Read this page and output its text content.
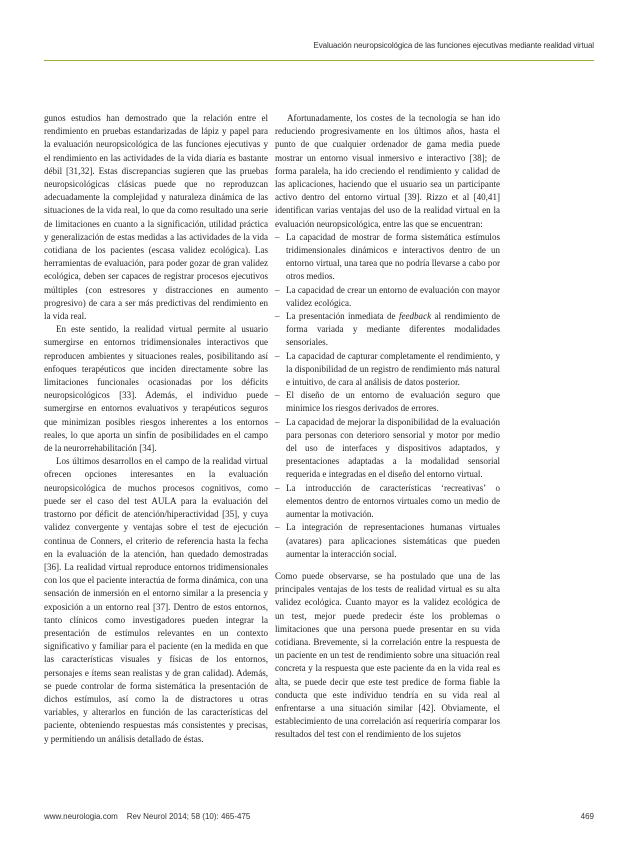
Evaluación neuropsicológica de las funciones ejecutivas mediante realidad virtual

gunos estudios han demostrado que la relación entre el rendimiento en pruebas estandarizadas de lápiz y papel para la evaluación neuropsicológica de las funciones ejecutivas y el rendimiento en las actividades de la vida diaria es bastante débil [31,32]. Estas discrepancias sugieren que las pruebas neuropsicológicas clásicas puede que no reproduzcan adecuadamente la complejidad y naturaleza dinámica de las situaciones de la vida real, lo que da como resultado una serie de limitaciones en cuanto a la significación, utilidad práctica y generalización de estas medidas a las actividades de la vida cotidiana de los pacientes (escasa validez ecológica). Las herramientas de evaluación, para poder gozar de gran validez ecológica, deben ser capaces de registrar procesos ejecutivos múltiples (con estresores y distracciones en aumento progresivo) de cara a ser más predictivas del rendimiento en la vida real.

En este sentido, la realidad virtual permite al usuario sumergirse en entornos tridimensionales interactivos que reproducen ambientes y situaciones reales, posibilitando así enfoques terapéuticos que inciden directamente sobre las limitaciones funcionales ocasionadas por los déficits neuropsicológicos [33]. Además, el individuo puede sumergirse en entornos evaluativos y terapéuticos seguros que minimizan posibles riesgos inherentes a los entornos reales, lo que aporta un sinfín de posibilidades en el campo de la neurorrehabilitación [34].

Los últimos desarrollos en el campo de la realidad virtual ofrecen opciones interesantes en la evaluación neuropsicológica de muchos procesos cognitivos, como puede ser el caso del test AULA para la evaluación del trastorno por déficit de atención/hiperactividad [35], y cuya validez convergente y ventajas sobre el test de ejecución continua de Conners, el criterio de referencia hasta la fecha en la evaluación de la atención, han quedado demostradas [36]. La realidad virtual reproduce entornos tridimensionales con los que el paciente interactúa de forma dinámica, con una sensación de inmersión en el entorno similar a la presencia y exposición a un entorno real [37]. Dentro de estos entornos, tanto clínicos como investigadores pueden integrar la presentación de estímulos relevantes en un contexto significativo y familiar para el paciente (en la medida en que las características visuales y físicas de los entornos, personajes e ítems sean realistas y de gran calidad). Además, se puede controlar de forma sistemática la presentación de dichos estímulos, así como la de distractores u otras variables, y alterarlos en función de las características del paciente, obteniendo respuestas más consistentes y precisas, y permitiendo un análisis detallado de éstas.

Afortunadamente, los costes de la tecnología se han ido reduciendo progresivamente en los últimos años, hasta el punto de que cualquier ordenador de gama media puede mostrar un entorno visual inmersivo e interactivo [38]; de forma paralela, ha ido creciendo el rendimiento y calidad de las aplicaciones, haciendo que el usuario sea un participante activo dentro del entorno virtual [39]. Rizzo et al [40,41] identifican varias ventajas del uso de la realidad virtual en la evaluación neuropsicológica, entre las que se encuentran:

– La capacidad de mostrar de forma sistemática estímulos tridimensionales dinámicos e interactivos dentro de un entorno virtual, una tarea que no podría llevarse a cabo por otros medios.
– La capacidad de crear un entorno de evaluación con mayor validez ecológica.
– La presentación inmediata de feedback al rendimiento de forma variada y mediante diferentes modalidades sensoriales.
– La capacidad de capturar completamente el rendimiento, y la disponibilidad de un registro de rendimiento más natural e intuitivo, de cara al análisis de datos posterior.
– El diseño de un entorno de evaluación seguro que minimice los riesgos derivados de errores.
– La capacidad de mejorar la disponibilidad de la evaluación para personas con deterioro sensorial y motor por medio del uso de interfaces y dispositivos adaptados, y presentaciones adaptadas a la modalidad sensorial requerida e integradas en el diseño del entorno virtual.
– La introducción de características ‘recreativas’ o elementos dentro de entornos virtuales como un medio de aumentar la motivación.
– La integración de representaciones humanas virtuales (avatares) para aplicaciones sistemáticas que pueden aumentar la interacción social.

Como puede observarse, se ha postulado que una de las principales ventajas de los tests de realidad virtual es su alta validez ecológica. Cuanto mayor es la validez ecológica de un test, mejor puede predecir éste los problemas o limitaciones que una persona puede presentar en su vida cotidiana. Brevemente, si la correlación entre la respuesta de un paciente en un test de rendimiento sobre una situación real concreta y la respuesta que este paciente da en la vida real es alta, se puede decir que este test predice de forma fiable la conducta que este individuo tendría en su vida real al enfrentarse a una situación similar [42]. Obviamente, el establecimiento de una correlación así requeriría comparar los resultados del test con el rendimiento de los sujetos

www.neurologia.com    Rev Neurol 2014; 58 (10): 465-475	469
